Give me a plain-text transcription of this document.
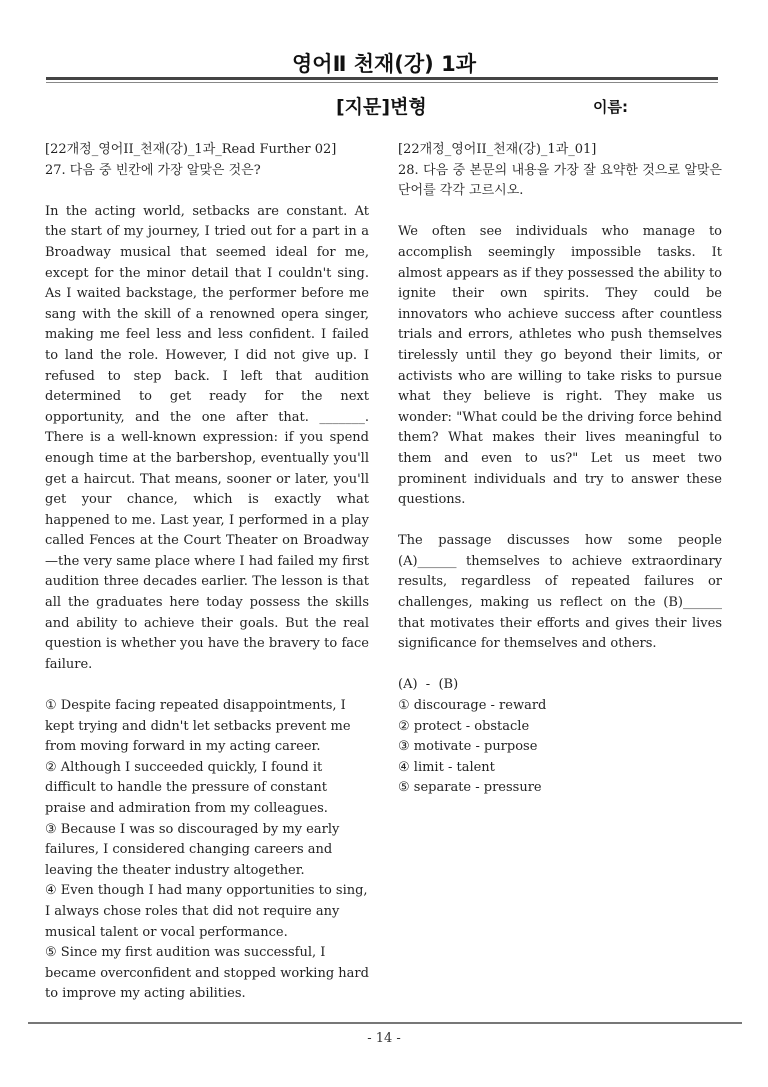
영어Ⅱ 천재(강) 1과
[지문]변형	이름:

[22개정_영어II_천재(강)_1과_Read Further 02]

27. 다음 중 빈칸에 가장 알맞은 것은?

In the acting world, setbacks are constant. At the start of my journey, I tried out for a part in a Broadway musical that seemed ideal for me, except for the minor detail that I couldn't sing. As I waited backstage, the performer before me sang with the skill of a renowned opera singer, making me feel less and less confident. I failed to land the role. However, I did not give up. I refused to step back. I left that audition determined to get ready for the next opportunity, and the one after that. _______. There is a well-known expression: if you spend enough time at the barbershop, eventually you'll get a haircut. That means, sooner or later, you'll get your chance, which is exactly what happened to me. Last year, I performed in a play called Fences at the Court Theater on Broadway—the very same place where I had failed my first audition three decades earlier. The lesson is that all the graduates here today possess the skills and ability to achieve their goals. But the real question is whether you have the bravery to face failure.

① Despite facing repeated disappointments, I kept trying and didn't let setbacks prevent me from moving forward in my acting career.

② Although I succeeded quickly, I found it difficult to handle the pressure of constant praise and admiration from my colleagues.

③ Because I was so discouraged by my early failures, I considered changing careers and leaving the theater industry altogether.

④ Even though I had many opportunities to sing, I always chose roles that did not require any musical talent or vocal performance.

⑤ Since my first audition was successful, I became overconfident and stopped working hard to improve my acting abilities.

[22개정_영어II_천재(강)_1과_01]

28. 다음 중 본문의 내용을 가장 잘 요약한 것으로 알맞은 단어를 각각 고르시오.

We often see individuals who manage to accomplish seemingly impossible tasks. It almost appears as if they possessed the ability to ignite their own spirits. They could be innovators who achieve success after countless trials and errors, athletes who push themselves tirelessly until they go beyond their limits, or activists who are willing to take risks to pursue what they believe is right. They make us wonder: "What could be the driving force behind them? What makes their lives meaningful to them and even to us?" Let us meet two prominent individuals and try to answer these questions.

The passage discusses how some people (A)______ themselves to achieve extraordinary results, regardless of repeated failures or challenges, making us reflect on the (B)______ that motivates their efforts and gives their lives significance for themselves and others.

(A)  -  (B)

① discourage - reward

② protect - obstacle

③ motivate - purpose

④ limit - talent

⑤ separate - pressure

- 14 -
